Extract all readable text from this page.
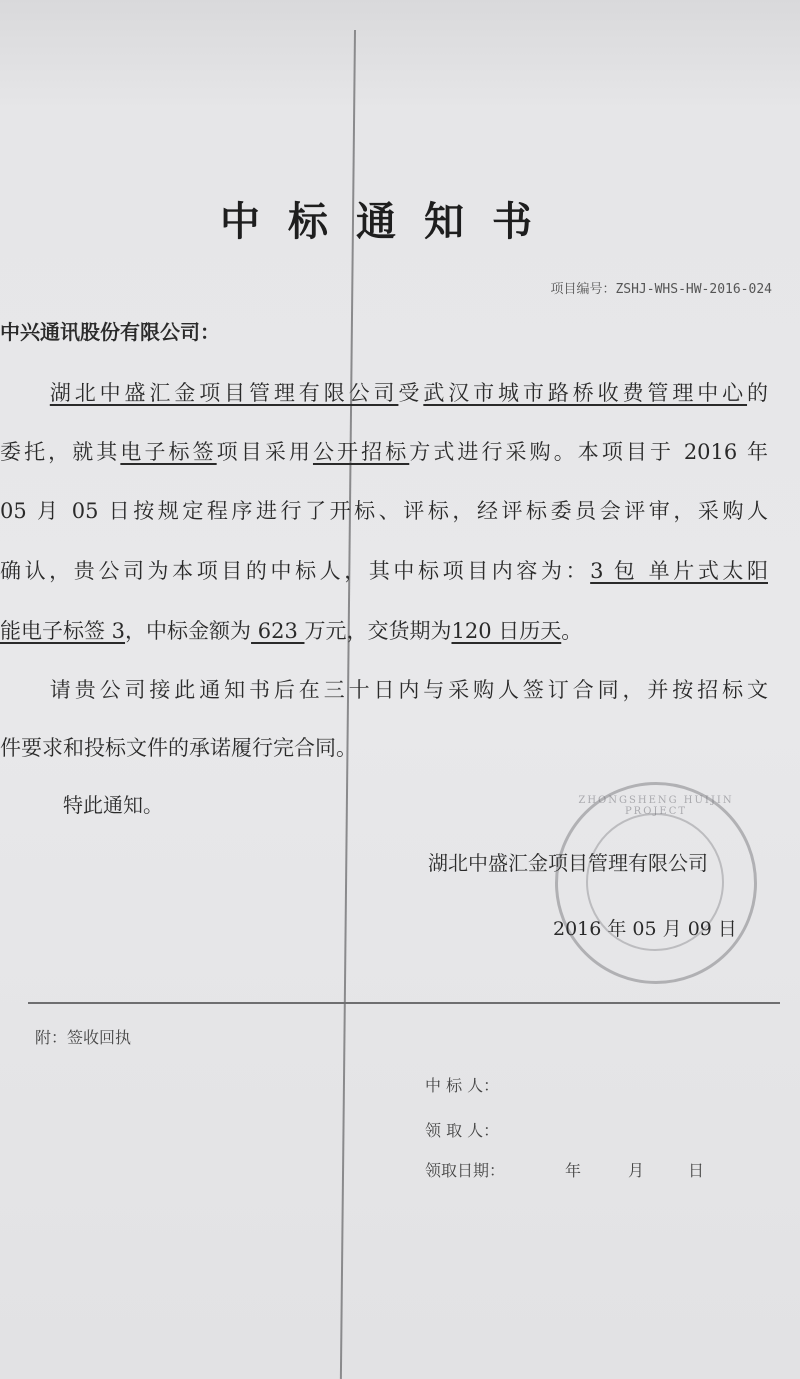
中标通知书
项目编号：ZSHJ-WHS-HW-2016-024
中兴通讯股份有限公司：
　　湖北中盛汇金项目管理有限公司受武汉市城市路桥收费管理中心的
委托，就其电子标签项目采用公开招标方式进行采购。本项目于 2016 年
05 月 05 日按规定程序进行了开标、评标，经评标委员会评审，采购人
确认，贵公司为本项目的中标人，其中标项目内容为：3 包 单片式太阳
能电子标签 3，中标金额为 623 万元，交货期为120 日历天。
　　请贵公司接此通知书后在三十日内与采购人签订合同，并按招标文
件要求和投标文件的承诺履行完合同。
特此通知。	ZHONGSHENG HUIJIN PROJECT
湖北中盛汇金项目管理有限公司
2016 年 05 月 09 日
附：签收回执
中 标 人：
领 取 人：
领取日期：	年	月	日
